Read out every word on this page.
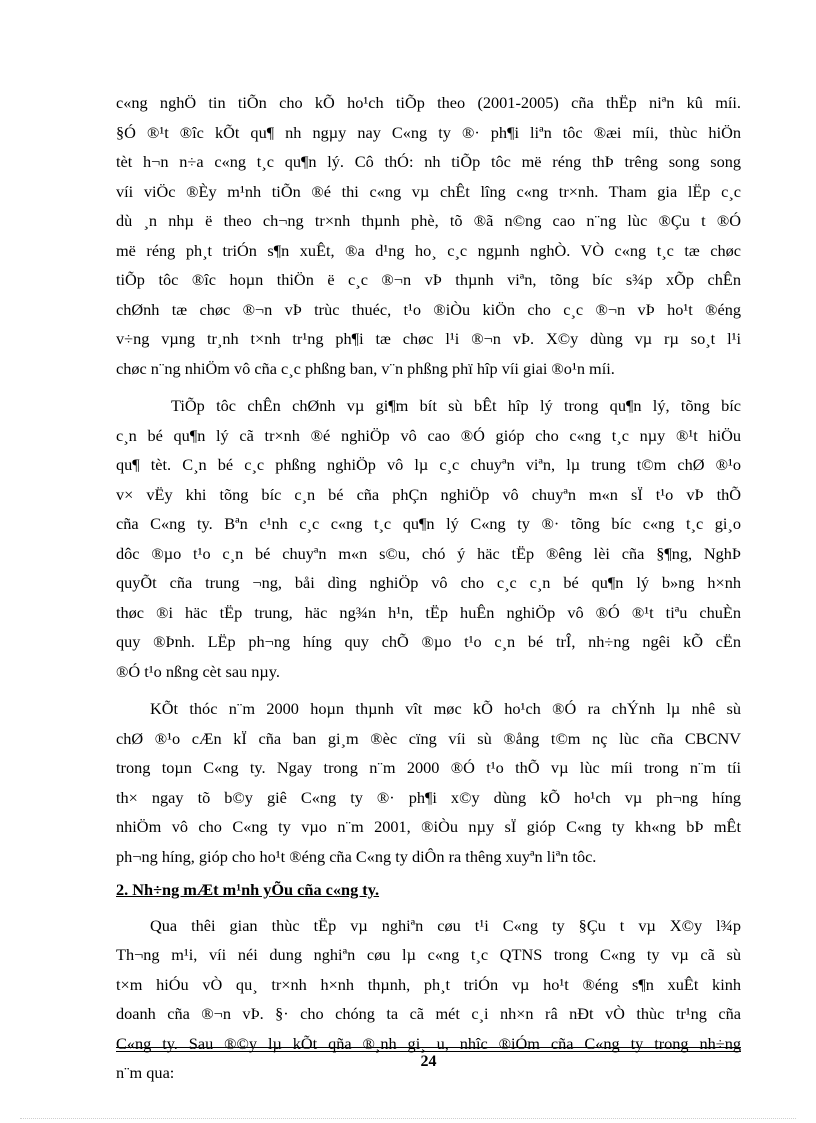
c«ng nghÖ tin tiÕn cho kÕ ho¹ch tiÕp theo (2001-2005) cña thËp niªn kû míi.
§Ó ®¹t ®îc kÕt qu¶ nh ngµy nay C«ng ty ®· ph¶i liªn tôc ®æi míi, thùc hiÖn
tèt h¬n n÷a c«ng t¸c qu¶n lý. Cô thÓ: nh tiÕp tôc më réng thÞ trêng song song
víi viÖc ®Èy m¹nh tiÕn ®é thi c«ng vµ chÊt lîng c«ng tr×nh. Tham gia lËp c¸c
dù ¸n nhµ ë theo ch¬ng tr×nh thµnh phè, tõ ®ã n©ng cao n¨ng lùc ®Çu t ®Ó
më réng ph¸t triÓn s¶n xuÊt, ®a d¹ng ho¸ c¸c ngµnh nghÒ. VÒ c«ng t¸c tæ chøc
tiÕp tôc ®îc hoµn thiÖn ë c¸c ®¬n vÞ thµnh viªn, tõng bíc s¾p xÕp chÊn
chØnh tæ chøc ®¬n vÞ trùc thuéc, t¹o ®iÒu kiÖn cho c¸c ®¬n vÞ ho¹t ®éng
v÷ng vµng tr¸nh t×nh tr¹ng ph¶i tæ chøc l¹i ®¬n vÞ. X©y dùng vµ rµ so¸t l¹i
chøc n¨ng nhiÖm vô cña c¸c phßng ban, v¨n phßng phï hîp víi giai ®o¹n míi.
TiÕp tôc chÊn chØnh vµ gi¶m bít sù bÊt hîp lý trong qu¶n lý, tõng bíc
c¸n bé qu¶n lý cã tr×nh ®é nghiÖp vô cao ®Ó gióp cho c«ng t¸c nµy ®¹t hiÖu
qu¶ tèt. C¸n bé c¸c phßng nghiÖp vô lµ c¸c chuyªn viªn, lµ trung t©m chØ ®¹o
v× vËy khi tõng bíc c¸n bé cña phÇn nghiÖp vô chuyªn m«n sÏ t¹o vÞ thÕ
cña C«ng ty. Bªn c¹nh c¸c c«ng t¸c qu¶n lý C«ng ty ®· tõng bíc c«ng t¸c gi¸o
dôc ®µo t¹o c¸n bé chuyªn m«n s©u, chó ý häc tËp ®êng lèi cña §¶ng, NghÞ
quyÕt cña trung ¬ng, båi dìng nghiÖp vô cho c¸c c¸n bé qu¶n lý b»ng h×nh
thøc ®i häc tËp trung, häc ng¾n h¹n, tËp huÊn nghiÖp vô ®Ó ®¹t tiªu chuÈn
quy ®Þnh. LËp ph¬ng híng quy chÕ ®µo t¹o c¸n bé trÎ, nh÷ng ngêi kÕ cËn
®Ó t¹o nßng cèt sau nµy.
KÕt thóc n¨m 2000 hoµn thµnh vît møc kÕ ho¹ch ®Ó ra chÝnh lµ nhê sù
chØ ®¹o cÆn kÏ cña ban gi¸m ®èc cïng víi sù ®ång t©m nç lùc cña CBCNV
trong toµn C«ng ty. Ngay trong n¨m 2000 ®Ó t¹o thÕ vµ lùc míi trong n¨m tíi
th× ngay tõ b©y giê C«ng ty ®· ph¶i x©y dùng kÕ ho¹ch vµ ph¬ng híng
nhiÖm vô cho C«ng ty vµo n¨m 2001, ®iÒu nµy sÏ gióp C«ng ty kh«ng bÞ mÊt
ph¬ng híng, gióp cho ho¹t ®éng cña C«ng ty diÔn ra thêng xuyªn liªn tôc.
2. Nh÷ng mÆt m¹nh yÕu cña c«ng ty.
Qua thêi gian thùc tËp vµ nghiªn cøu t¹i C«ng ty §Çu t vµ X©y l¾p
Th¬ng m¹i, víi néi dung nghiªn cøu lµ c«ng t¸c QTNS trong C«ng ty vµ cã sù
t×m hiÓu vÒ qu¸ tr×nh h×nh thµnh, ph¸t triÓn vµ ho¹t ®éng s¶n xuÊt kinh
doanh cña ®¬n vÞ. §· cho chóng ta cã mét c¸i nh×n râ nÐt vÒ thùc tr¹ng cña
C«ng ty. Sau ®©y lµ kÕt qña ®¸nh gi¸ u, nhîc ®iÓm cña C«ng ty trong nh÷ng
n¨m qua:
24
